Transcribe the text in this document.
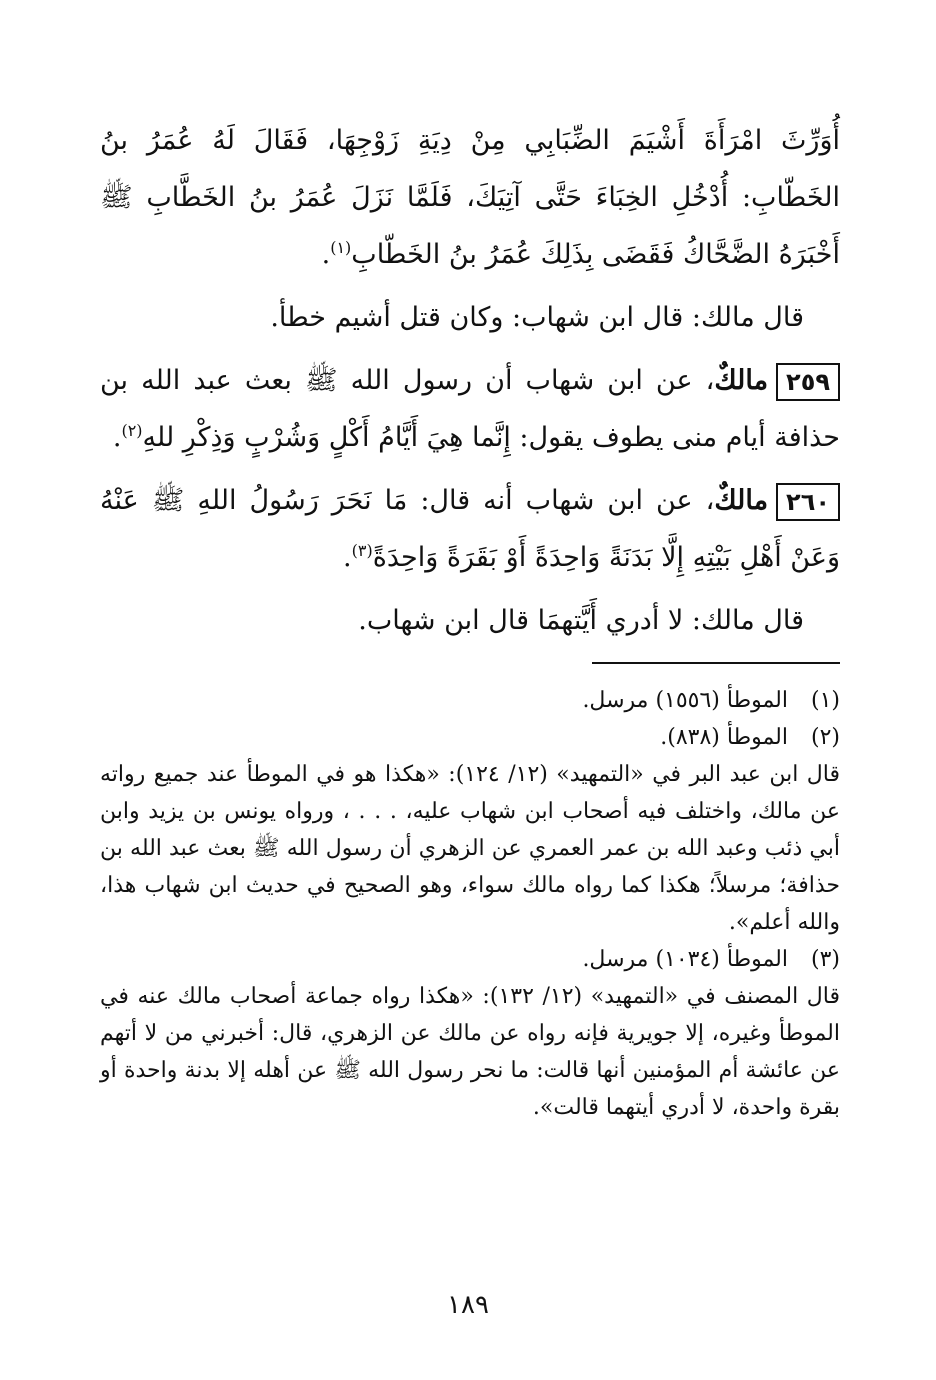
أُوَرِّثَ امْرَأَةَ أَشْيَمَ الضِّبَابِي مِنْ دِيَةِ زَوْجِهَا، فَقَالَ لَهُ عُمَرُ بنُ الخَطّابِ: أُدْخُلِ الخِبَاءَ حَتَّى آتِيَكَ، فَلَمَّا نَزَلَ عُمَرُ بنُ الخَطَّابِ ﷺ أَخْبَرَهُ الضَّحَّاكُ فَقَضَى بِذَلِكَ عُمَرُ بنُ الخَطّابِ$^{(١)}$.

قال مالك: قال ابن شهاب: وكان قتل أشيم خطأ.

٢٥٩مالكٌ، عن ابن شهاب أن رسول الله ﷺ بعث عبد الله بن حذافة أيام منى يطوف يقول: إِنَّما هِيَ أَيَّامُ أَكْلٍ وَشُرْبٍ وَذِكْرِ للهِ$^{(٢)}$.

٢٦٠مالكٌ، عن ابن شهاب أنه قال: مَا نَحَرَ رَسُولُ اللهِ ﷺ عَنْهُ وَعَنْ أَهْلِ بَيْتِهِ إِلَّا بَدَنَةً وَاحِدَةً أَوْ بَقَرَةً وَاحِدَةً$^{(٣)}$.

قال مالك: لا أدري أَيَّتهمَا قال ابن شهاب.

(١)الموطأ (١٥٥٦) مرسل.

(٢)الموطأ (٨٣٨).

قال ابن عبد البر في «التمهيد» (١٢/ ١٢٤): «هكذا هو في الموطأ عند جميع رواته عن مالك، واختلف فيه أصحاب ابن شهاب عليه، . . . ، ورواه يونس بن يزيد وابن أبي ذئب وعبد الله بن عمر العمري عن الزهري أن رسول الله ﷺ بعث عبد الله بن حذافة؛ مرسلاً؛ هكذا كما رواه مالك سواء، وهو الصحيح في حديث ابن شهاب هذا، والله أعلم».

(٣)الموطأ (١٠٣٤) مرسل.

قال المصنف في «التمهيد» (١٢/ ١٣٢): «هكذا رواه جماعة أصحاب مالك عنه في الموطأ وغيره، إلا جويرية فإنه رواه عن مالك عن الزهري، قال: أخبرني من لا أتهم عن عائشة أم المؤمنين أنها قالت: ما نحر رسول الله ﷺ عن أهله إلا بدنة واحدة أو بقرة واحدة، لا أدري أيتهما قالت».

١٨٩
